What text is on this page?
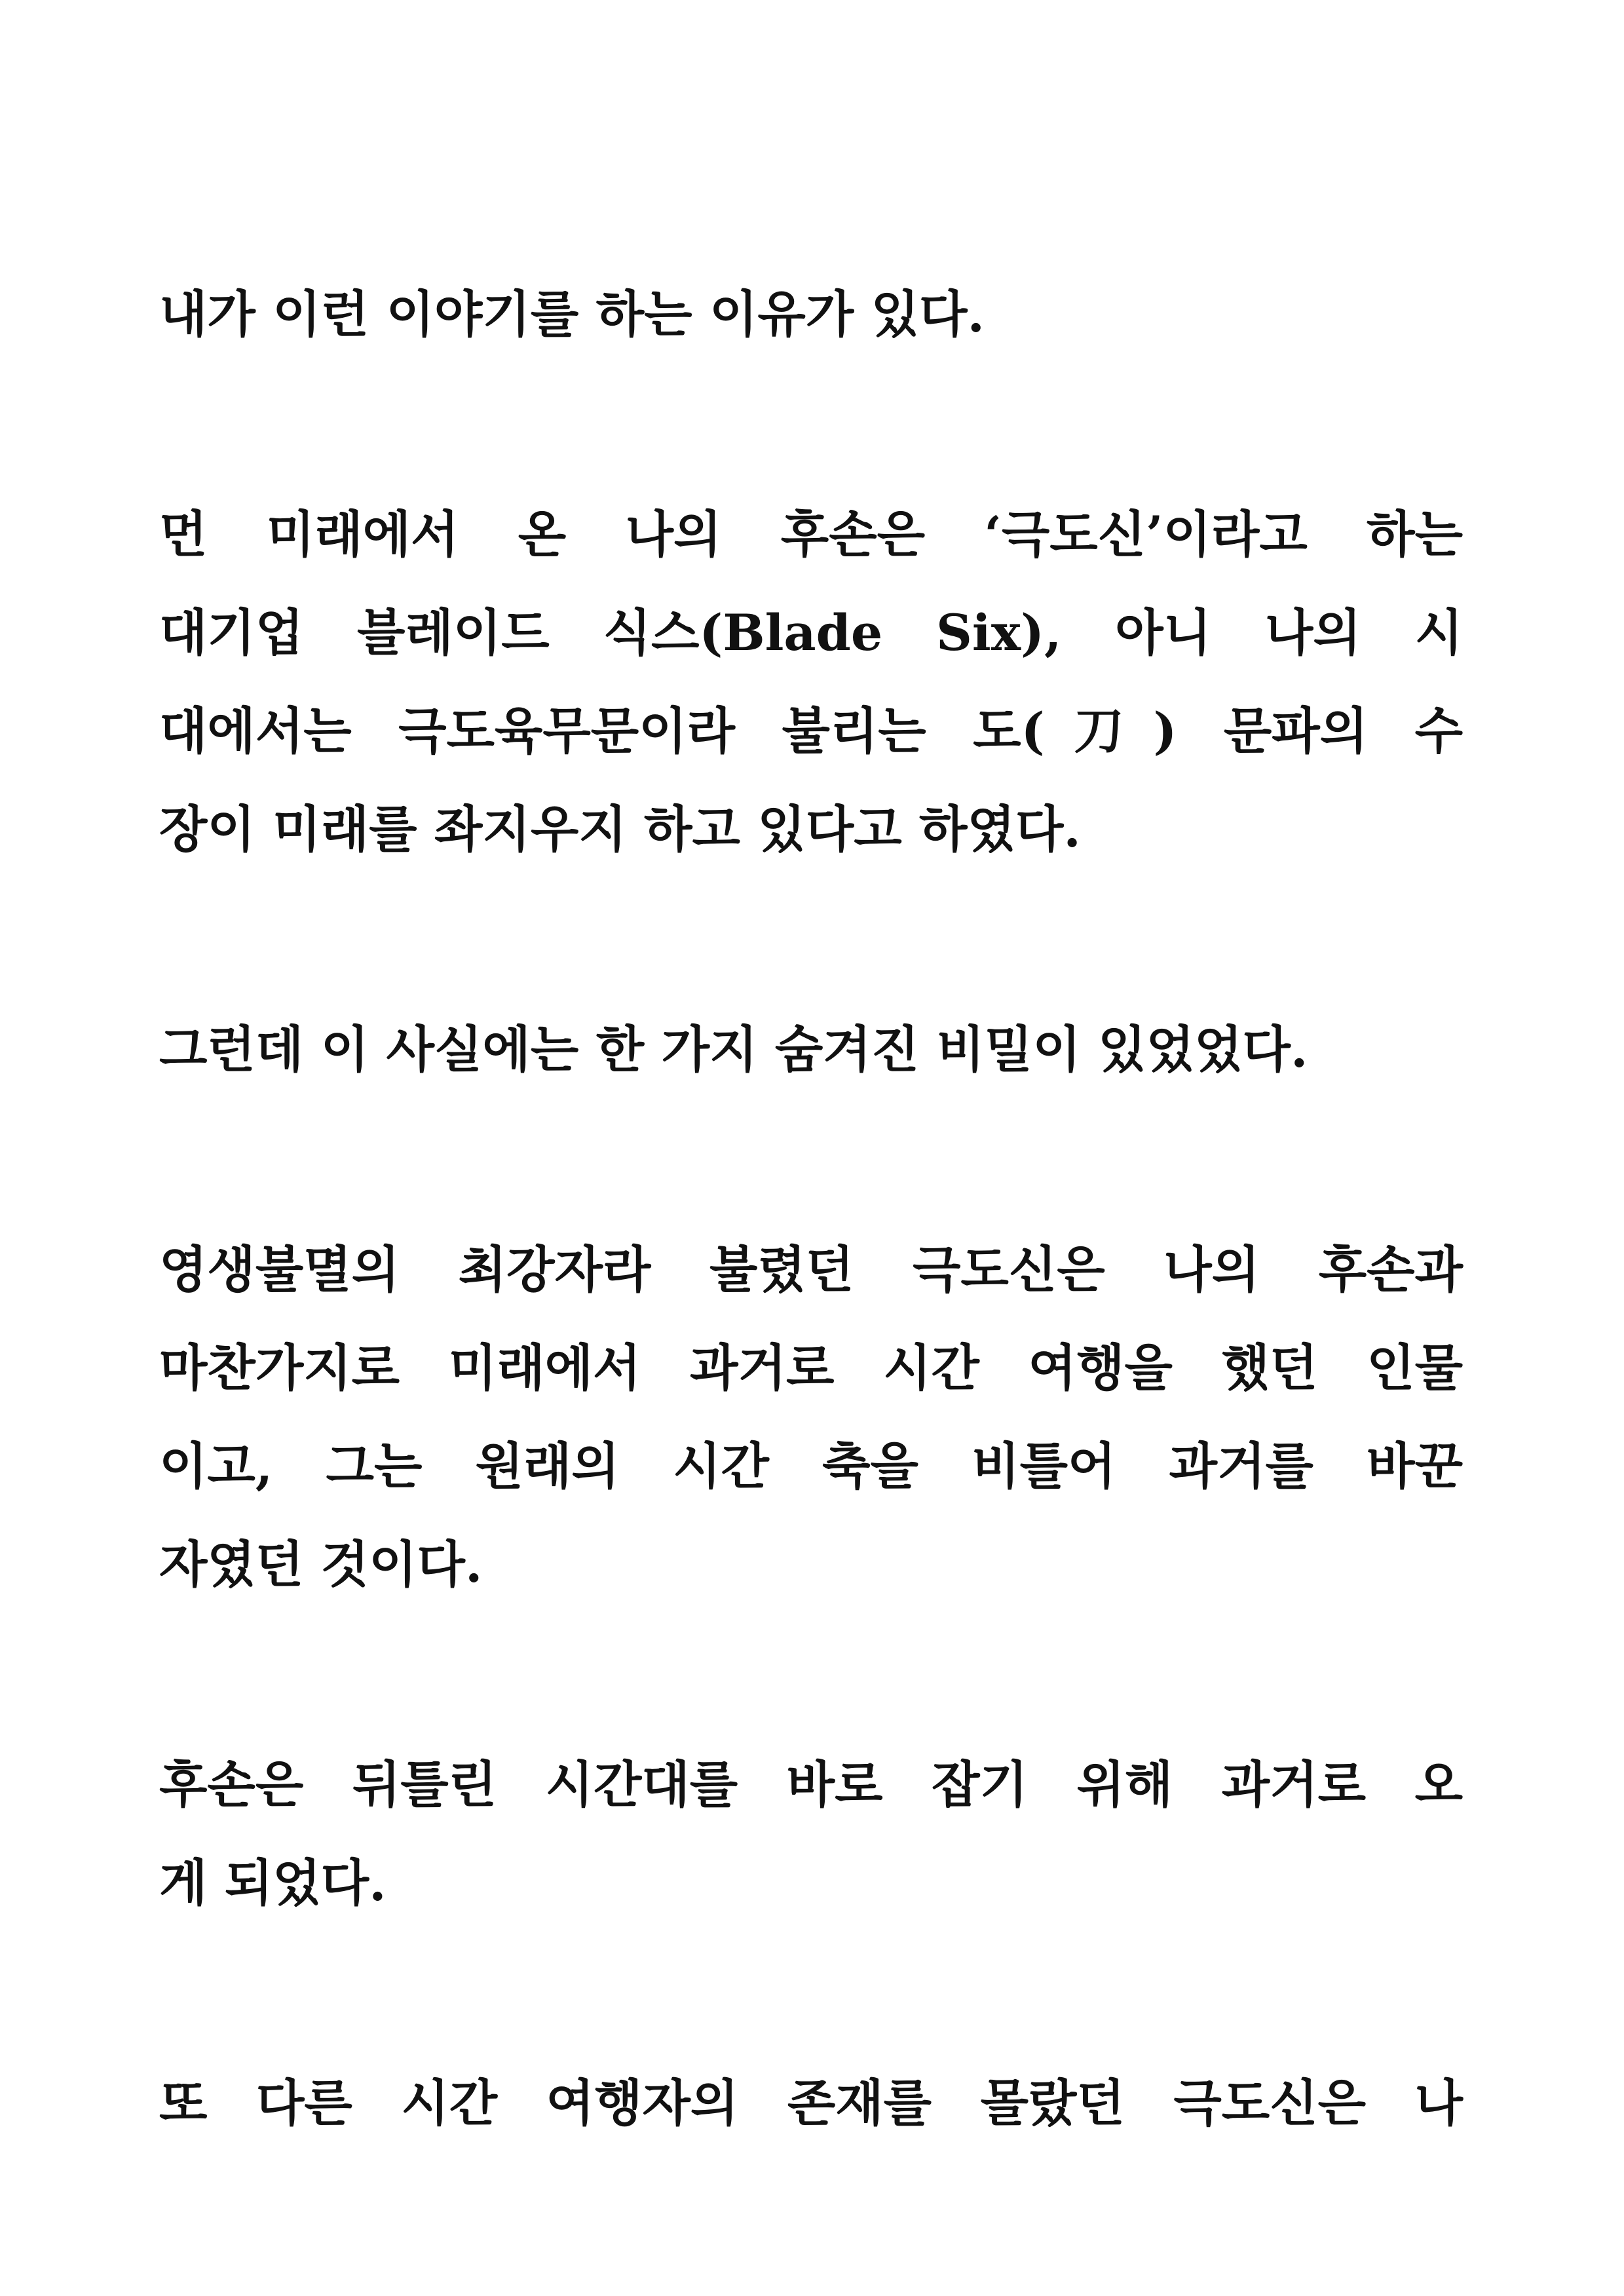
내가 이런 이야기를 하는 이유가 있다.
먼 미래에서 온 나의 후손은 ‘극도신’이라고 하는
대기업 블레이드 식스(Blade Six), 아니 나의 시
대에서는 극도육무문이라 불리는 도(刀) 문파의 수
장이 미래를 좌지우지 하고 있다고 하였다.
그런데 이 사실에는 한 가지 숨겨진 비밀이 있었었다.
영생불멸의 최강자라 불렸던 극도신은 나의 후손과
마찬가지로 미래에서 과거로 시간 여행을 했던 인물
이고, 그는 원래의 시간 축을 비틀어 과거를 바꾼
자였던 것이다.
후손은 뒤틀린 시간대를 바로 잡기 위해 과거로 오
게 되었다.
또 다른 시간 여행자의 존재를 몰랐던 극도신은 나
